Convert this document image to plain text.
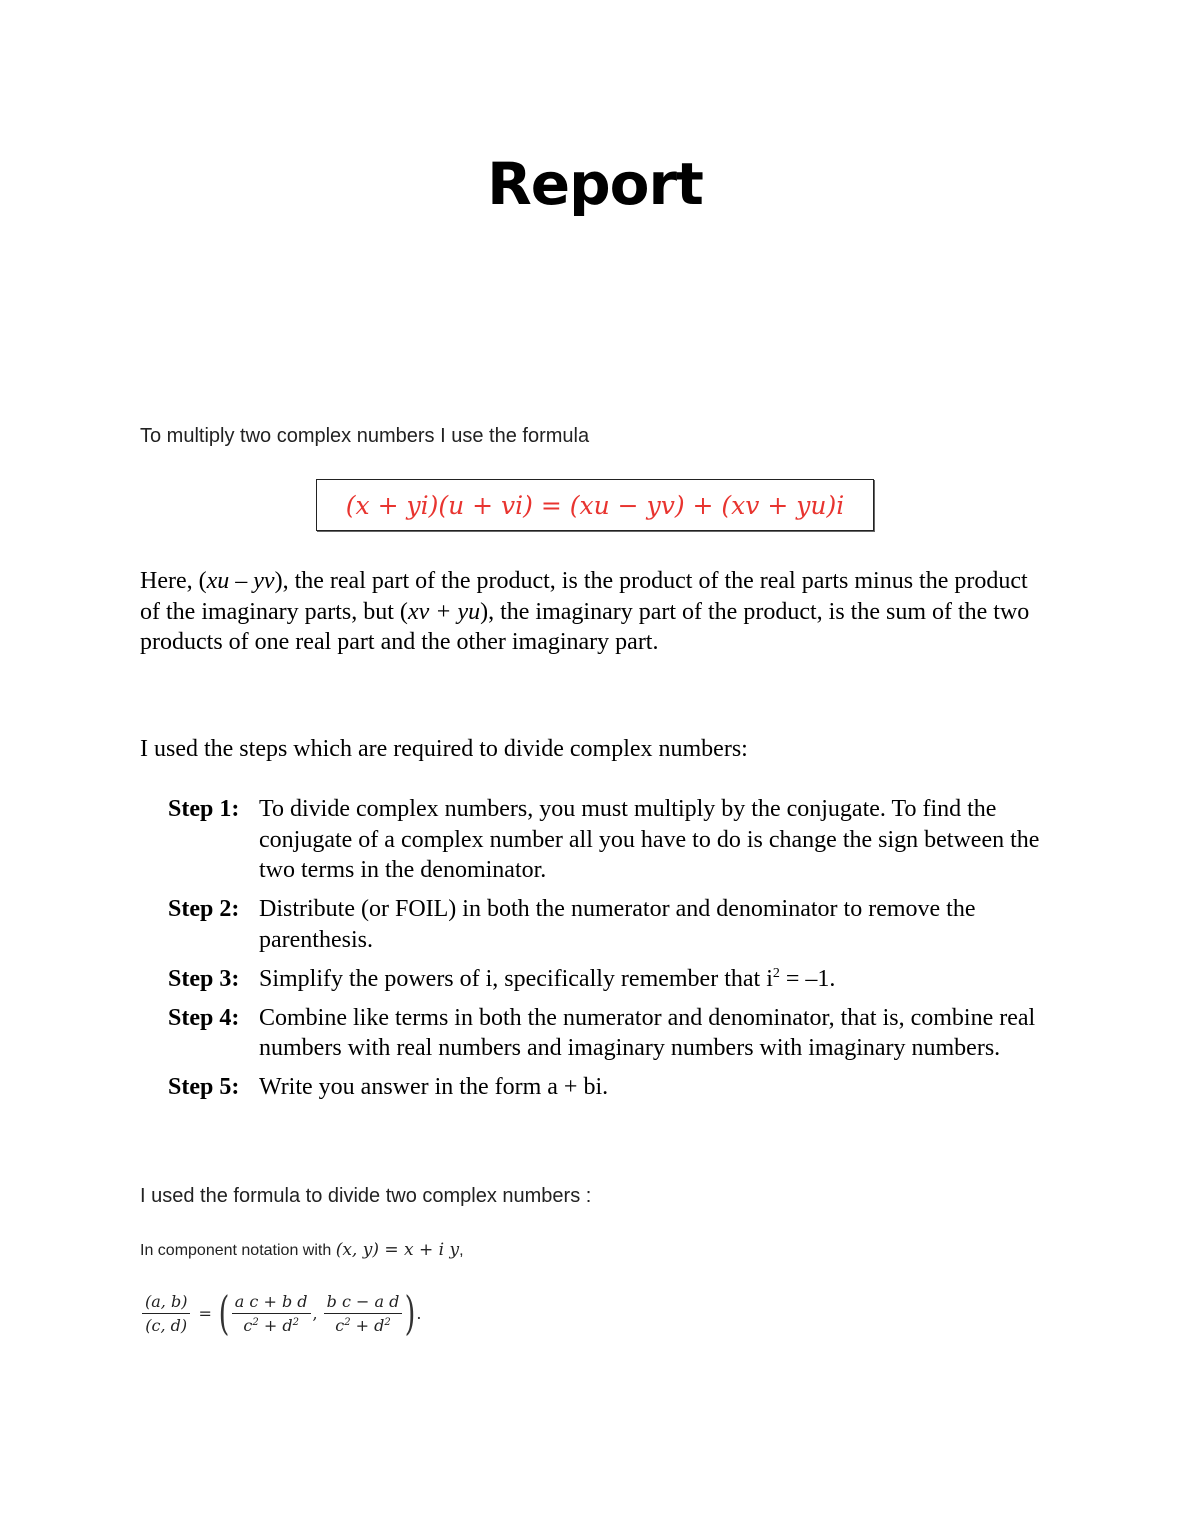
Report
To multiply two complex numbers I use the formula
(x + yi)(u + vi) = (xu − yv) + (xv + yu)i
Here, (xu – yv), the real part of the product, is the product of the real parts minus the product of the imaginary parts, but (xv + yu), the imaginary part of the product, is the sum of the two products of one real part and the other imaginary part.
I used the steps which are required to divide complex numbers:
Step 1: To divide complex numbers, you must multiply by the conjugate. To find the conjugate of a complex number all you have to do is change the sign between the two terms in the denominator.
Step 2: Distribute (or FOIL) in both the numerator and denominator to remove the parenthesis.
Step 3: Simplify the powers of i, specifically remember that $i^2 = -1$.
Step 4: Combine like terms in both the numerator and denominator, that is, combine real numbers with real numbers and imaginary numbers with imaginary numbers.
Step 5: Write you answer in the form a + bi.
I used the formula to divide two complex numbers :
In component notation with (x, y) = x + i y,
$\frac{(a, b)}{(c, d)}$ = ( $\frac{\text{a c + b d}}{c^2 + d^2}$ , $\frac{\text{b c − a d}}{c^2 + d^2}$ ) .
